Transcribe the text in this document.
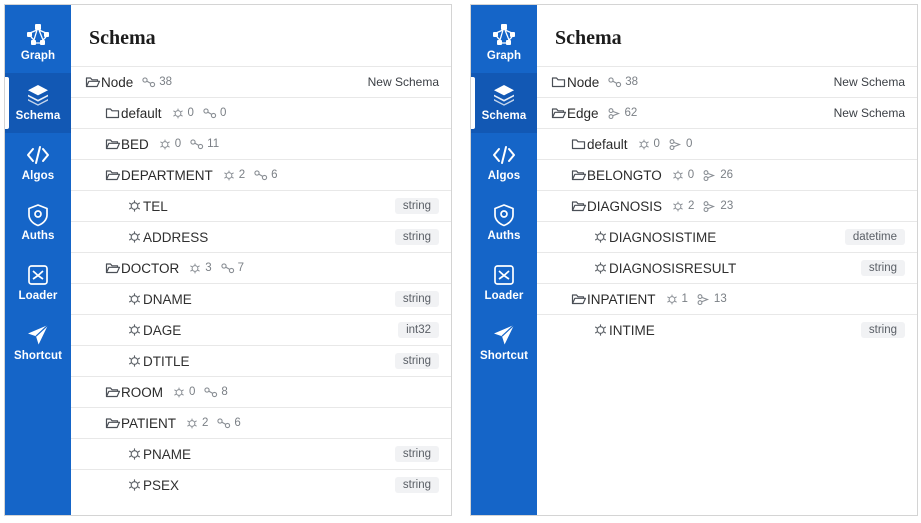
Graph
Schema
Algos
Auths
Loader
Shortcut
Schema
Node 38	New Schema
default 0 0
BED 0 11
DEPARTMENT 2 6
TEL	string
ADDRESS	string
DOCTOR 3 7
DNAME	string
DAGE	int32
DTITLE	string
ROOM 0 8
PATIENT 2 6
PNAME	string
PSEX	string
Graph
Schema
Algos
Auths
Loader
Shortcut
Schema
Node 38	New Schema
Edge 62	New Schema
default 0 0
BELONGTO 0 26
DIAGNOSIS 2 23
DIAGNOSISTIME	datetime
DIAGNOSISRESULT	string
INPATIENT 1 13
INTIME	string
